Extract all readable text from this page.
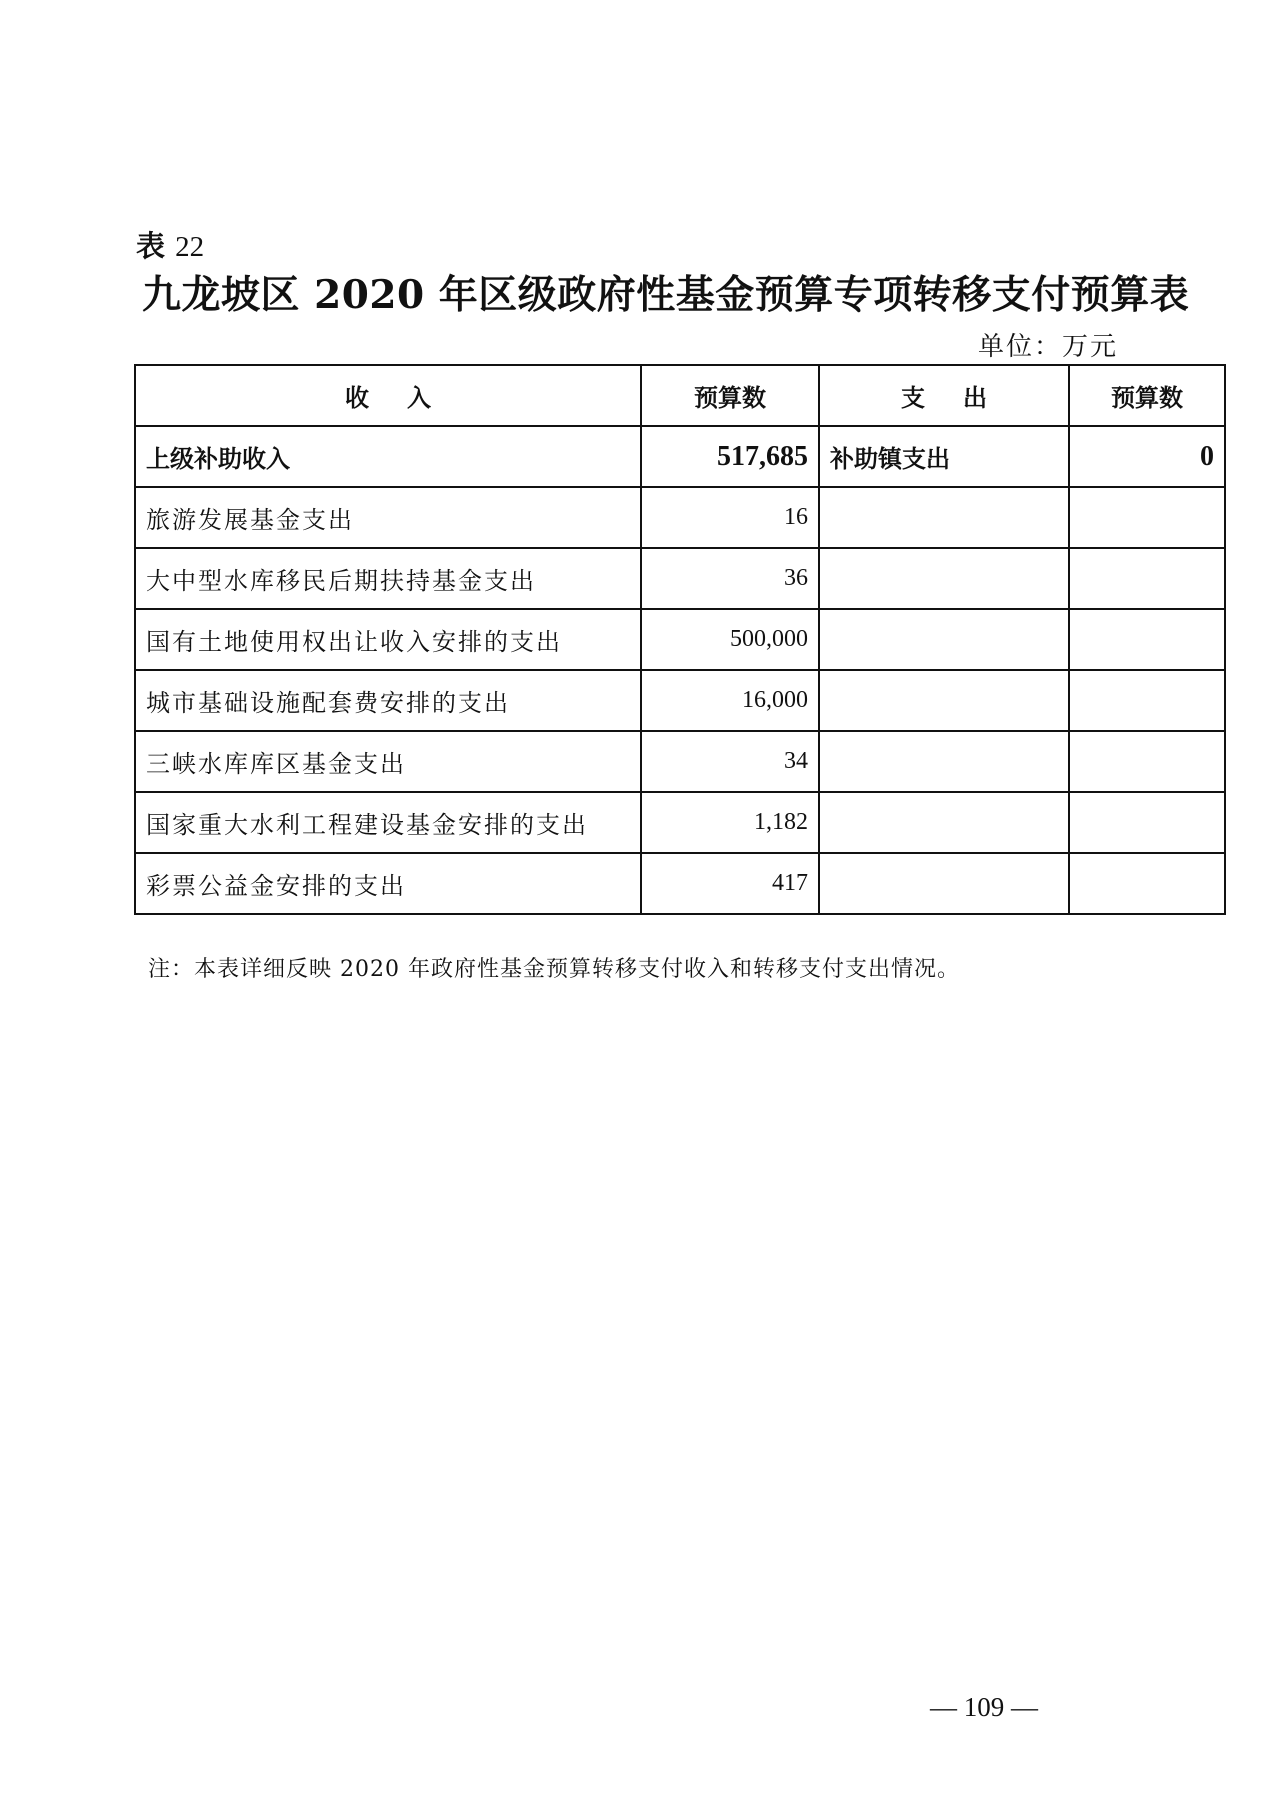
表 22
九龙坡区 2020 年区级政府性基金预算专项转移支付预算表
单位：万元
收入	预算数	支出	预算数
上级补助收入	517,685	补助镇支出	0
旅游发展基金支出	16		
大中型水库移民后期扶持基金支出	36		
国有土地使用权出让收入安排的支出	500,000		
城市基础设施配套费安排的支出	16,000		
三峡水库库区基金支出	34		
国家重大水利工程建设基金安排的支出	1,182		
彩票公益金安排的支出	417		
注：本表详细反映 2020 年政府性基金预算转移支付收入和转移支付支出情况。
— 109 —
